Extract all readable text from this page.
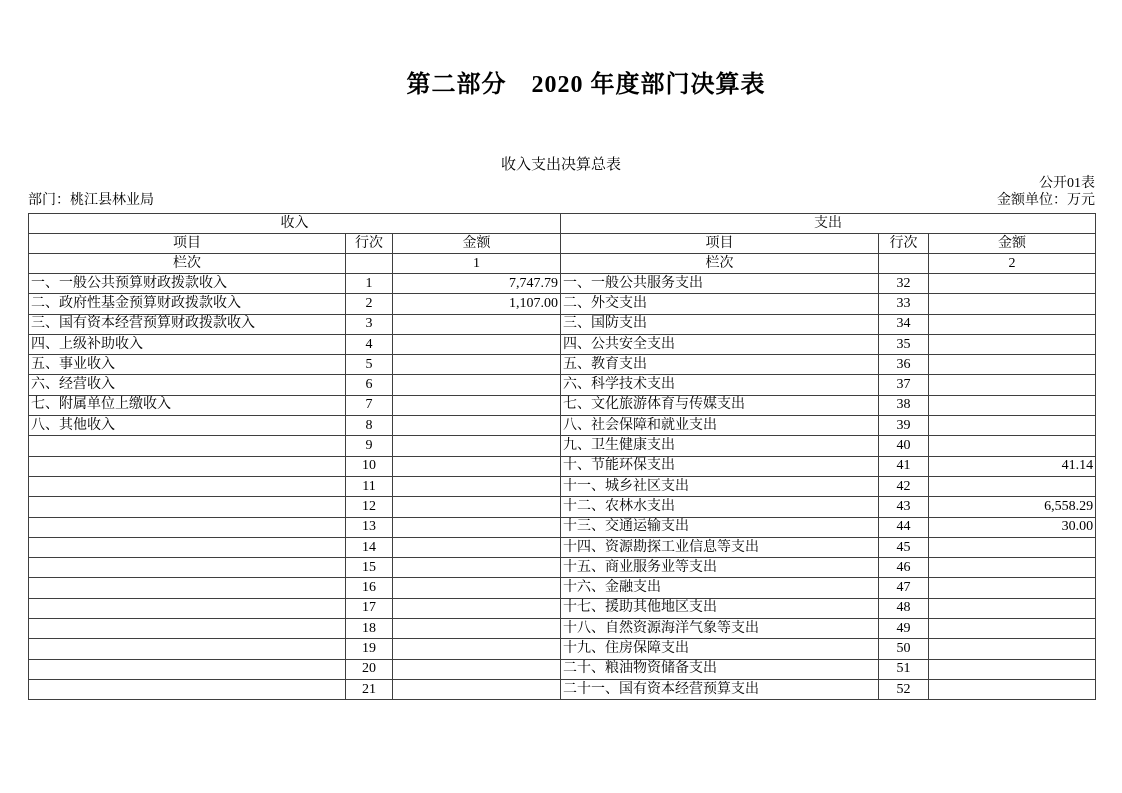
第二部分　2020 年度部门决算表
收入支出决算总表
公开01表
部门：桃江县林业局	金额单位：万元
收入			支出		
项目	行次	金额	项目	行次	金额
栏次		1	栏次		2
一、一般公共预算财政拨款收入	1	7,747.79	一、一般公共服务支出	32	
二、政府性基金预算财政拨款收入	2	1,107.00	二、外交支出	33	
三、国有资本经营预算财政拨款收入	3		三、国防支出	34	
四、上级补助收入	4		四、公共安全支出	35	
五、事业收入	5		五、教育支出	36	
六、经营收入	6		六、科学技术支出	37	
七、附属单位上缴收入	7		七、文化旅游体育与传媒支出	38	
八、其他收入	8		八、社会保障和就业支出	39	
	9		九、卫生健康支出	40	
	10		十、节能环保支出	41	41.14
	11		十一、城乡社区支出	42	
	12		十二、农林水支出	43	6,558.29
	13		十三、交通运输支出	44	30.00
	14		十四、资源勘探工业信息等支出	45	
	15		十五、商业服务业等支出	46	
	16		十六、金融支出	47	
	17		十七、援助其他地区支出	48	
	18		十八、自然资源海洋气象等支出	49	
	19		十九、住房保障支出	50	
	20		二十、粮油物资储备支出	51	
	21		二十一、国有资本经营预算支出	52	
